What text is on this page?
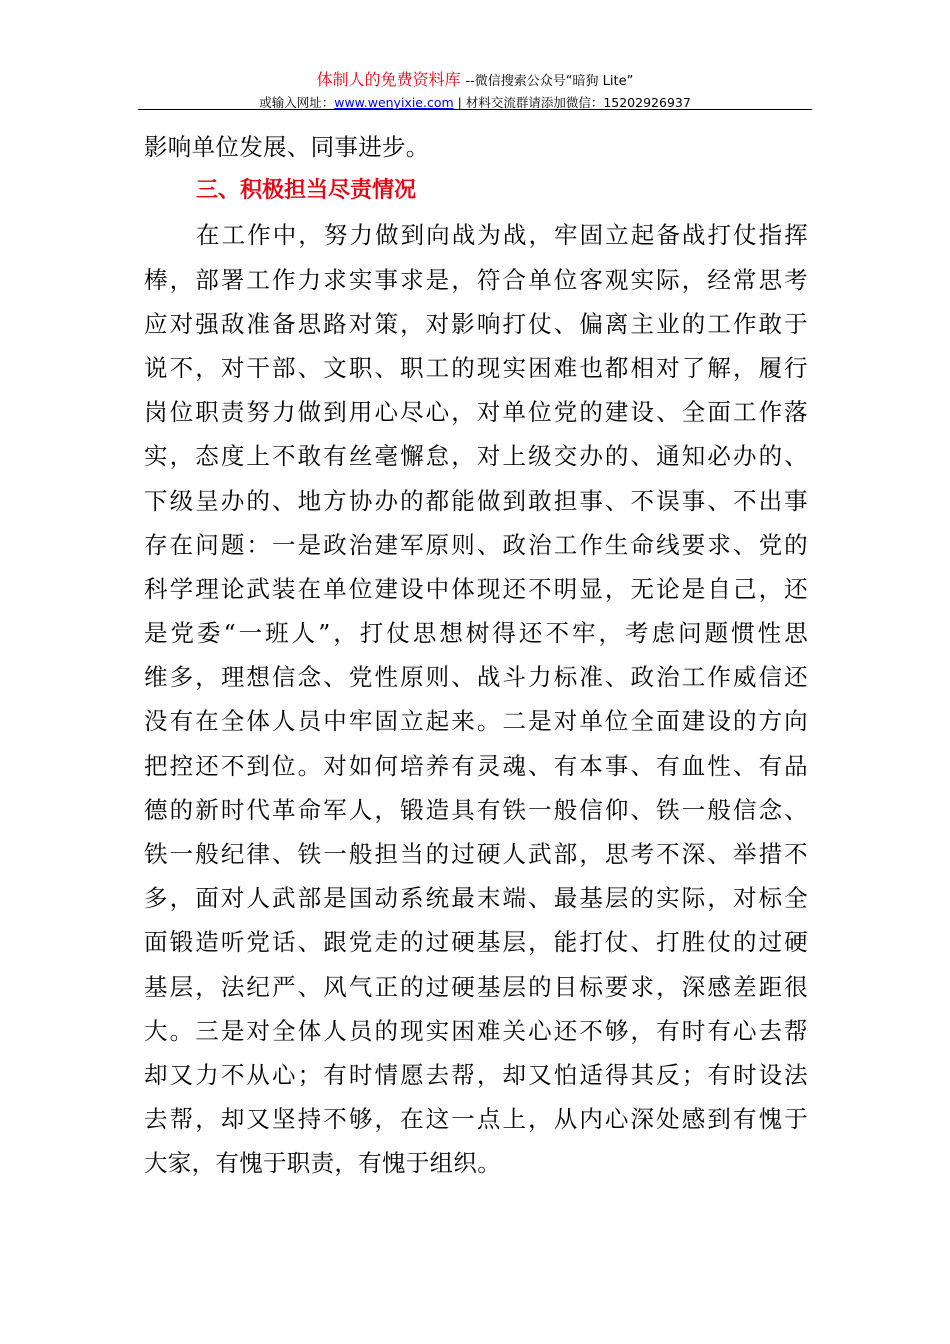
体制人的免费资料库 --微信搜索公众号“暗狗 Lite”
或输入网址：www.wenyixie.com | 材料交流群请添加微信：15202926937
影响单位发展、同事进步。
三、积极担当尽责情况
在工作中，努力做到向战为战，牢固立起备战打仗指挥
棒，部署工作力求实事求是，符合单位客观实际，经常思考
应对强敌准备思路对策，对影响打仗、偏离主业的工作敢于
说不，对干部、文职、职工的现实困难也都相对了解，履行
岗位职责努力做到用心尽心，对单位党的建设、全面工作落
实，态度上不敢有丝毫懈怠，对上级交办的、通知必办的、
下级呈办的、地方协办的都能做到敢担事、不误事、不出事
存在问题：一是政治建军原则、政治工作生命线要求、党的
科学理论武装在单位建设中体现还不明显，无论是自己，还
是党委“一班人”，打仗思想树得还不牢，考虑问题惯性思
维多，理想信念、党性原则、战斗力标准、政治工作威信还
没有在全体人员中牢固立起来。二是对单位全面建设的方向
把控还不到位。对如何培养有灵魂、有本事、有血性、有品
德的新时代革命军人，锻造具有铁一般信仰、铁一般信念、
铁一般纪律、铁一般担当的过硬人武部，思考不深、举措不
多，面对人武部是国动系统最末端、最基层的实际，对标全
面锻造听党话、跟党走的过硬基层，能打仗、打胜仗的过硬
基层，法纪严、风气正的过硬基层的目标要求，深感差距很
大。三是对全体人员的现实困难关心还不够，有时有心去帮
却又力不从心；有时情愿去帮，却又怕适得其反；有时设法
去帮，却又坚持不够，在这一点上，从内心深处感到有愧于
大家，有愧于职责，有愧于组织。
